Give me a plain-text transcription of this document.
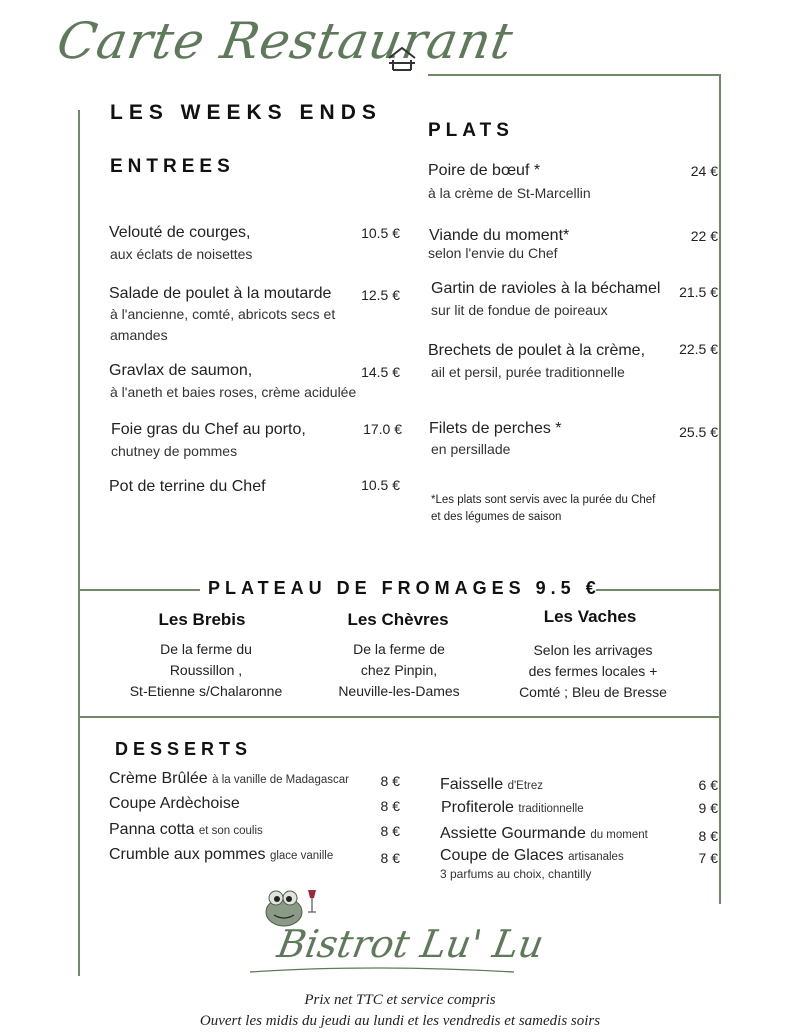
Carte Restaurant
LES WEEKS ENDS
ENTREES
PLATS
Velouté de courges,	10.5 €
aux éclats de noisettes
Salade de poulet à la moutarde	12.5 €
à l'ancienne, comté, abricots secs et
amandes
Gravlax de saumon,	14.5 €
à l'aneth et baies roses, crème acidulée
Foie gras du Chef au porto,	17.0 €
chutney de pommes
Pot de terrine du Chef	10.5 €
Poire de bœuf *	24 €
à la crème de St-Marcellin
Viande du moment*	22 €
selon l'envie du Chef
Gartin de ravioles à la béchamel	21.5 €
sur lit de fondue de poireaux
Brechets de poulet à la crème,	22.5 €
ail et persil, purée traditionnelle
Filets de perches *	25.5 €
en persillade
*Les plats sont servis avec la purée du Chef
et des légumes de saison
PLATEAU DE FROMAGES 9.5 €
Les Brebis
De la ferme du
Roussillon ,
St-Etienne s/Chalaronne
Les Chèvres
De la ferme de
chez Pinpin,
Neuville-les-Dames
Les Vaches
Selon les arrivages
des fermes locales +
Comté ; Bleu de Bresse
DESSERTS
Crème Brûlée à la vanille de Madagascar	8 €
Coupe Ardèchoise	8 €
Panna cotta et son coulis	8 €
Crumble aux pommes glace vanille	8 €
Faisselle d'Etrez	6 €
Profiterole traditionnelle	9 €
Assiette Gourmande du moment	8 €
Coupe de Glaces artisanales	7 €
3 parfums au choix, chantilly
Bistrot Lu' Lu
Prix net TTC et service compris
Ouvert les midis du jeudi au lundi et les vendredis et samedis soirs
